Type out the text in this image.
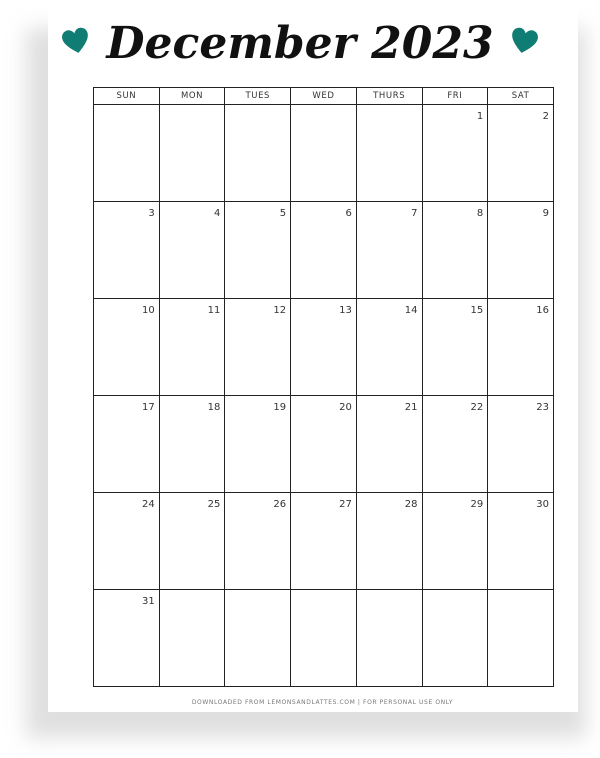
December 2023
SUN	MON	TUES	WED	THURS	FRI	SAT

					1	2

3	4	5	6	7	8	9

10	11	12	13	14	15	16

17	18	19	20	21	22	23

24	25	26	27	28	29	30

31						

DOWNLOADED FROM LEMONSANDLATTES.COM | FOR PERSONAL USE ONLY
